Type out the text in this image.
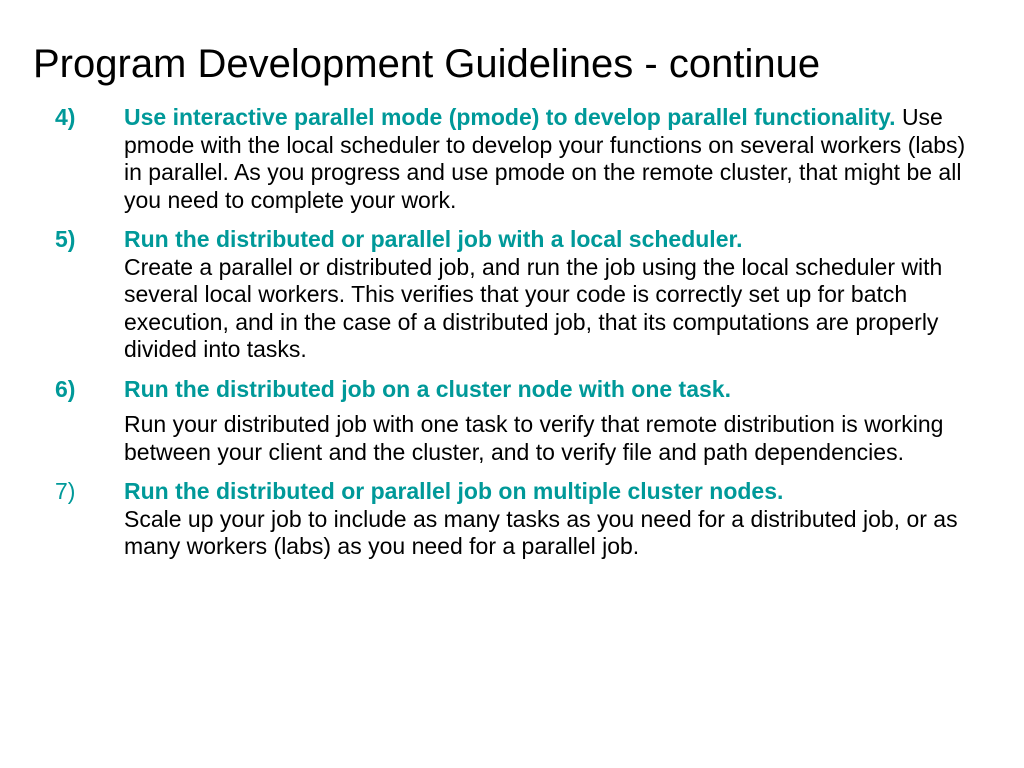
Program Development Guidelines - continue
4) Use interactive parallel mode (pmode) to develop parallel functionality. Use pmode with the local scheduler to develop your functions on several workers (labs) in parallel. As you progress and use pmode on the remote cluster, that might be all you need to complete your work.
5) Run the distributed or parallel job with a local scheduler.
Create a parallel or distributed job, and run the job using the local scheduler with several local workers. This verifies that your code is correctly set up for batch execution, and in the case of a distributed job, that its computations are properly divided into tasks.
6) Run the distributed job on a cluster node with one task.
Run your distributed job with one task to verify that remote distribution is working between your client and the cluster, and to verify file and path dependencies.
7) Run the distributed or parallel job on multiple cluster nodes.
Scale up your job to include as many tasks as you need for a distributed job, or as many workers (labs) as you need for a parallel job.
